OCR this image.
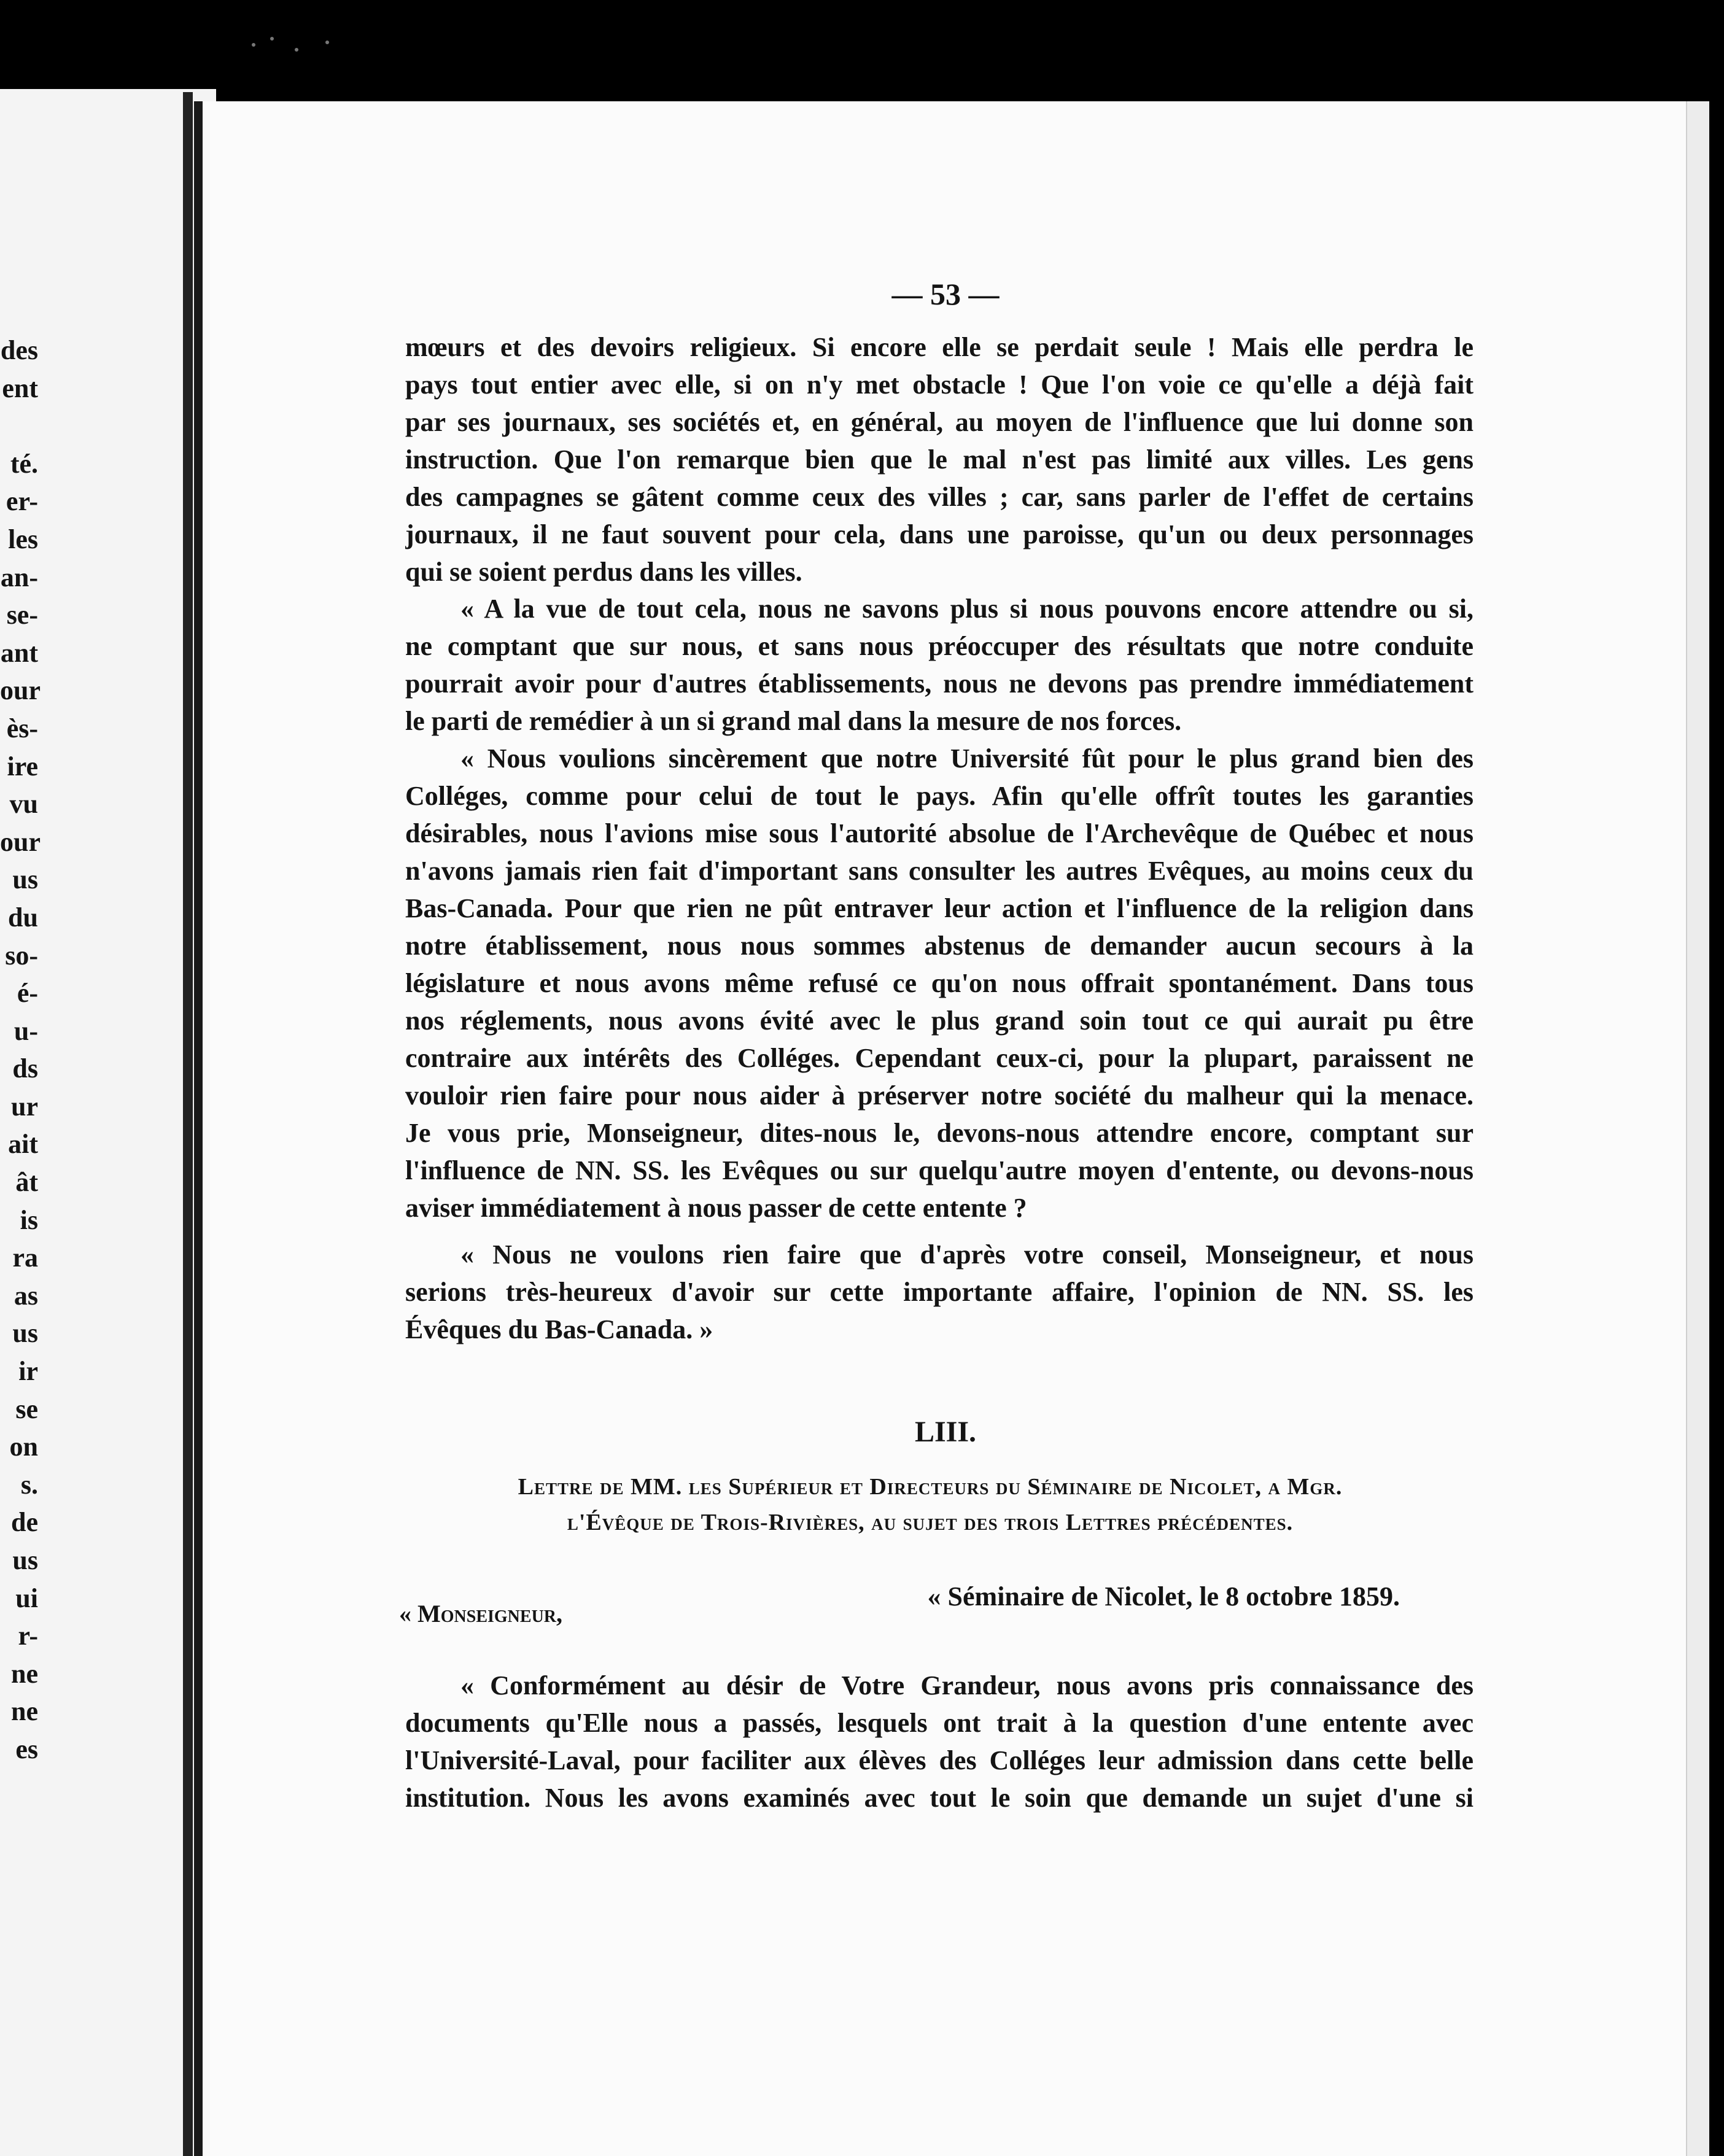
des
ent
té.
er-
les
an-
se-
ant
our
ès-
ire
vu
our
us
du
so-
é-
u-
ds
ur
ait
ât
is
ra
as
us
ir
se
on
s.
de
us
ui
r-
ne
ne
es
— 53 —
mœurs et des devoirs religieux. Si encore elle se perdait seule ! Mais elle perdra le
pays tout entier avec elle, si on n'y met obstacle ! Que l'on voie ce qu'elle a déjà fait
par ses journaux, ses sociétés et, en général, au moyen de l'influence que lui donne son
instruction. Que l'on remarque bien que le mal n'est pas limité aux villes. Les gens
des campagnes se gâtent comme ceux des villes ; car, sans parler de l'effet de certains
journaux, il ne faut souvent pour cela, dans une paroisse, qu'un ou deux personnages
qui se soient perdus dans les villes.
« A la vue de tout cela, nous ne savons plus si nous pouvons encore attendre ou si,
ne comptant que sur nous, et sans nous préoccuper des résultats que notre conduite
pourrait avoir pour d'autres établissements, nous ne devons pas prendre immédiatement
le parti de remédier à un si grand mal dans la mesure de nos forces.
« Nous voulions sincèrement que notre Université fût pour le plus grand bien des
Colléges, comme pour celui de tout le pays. Afin qu'elle offrît toutes les garanties
désirables, nous l'avions mise sous l'autorité absolue de l'Archevêque de Québec et nous
n'avons jamais rien fait d'important sans consulter les autres Evêques, au moins ceux du
Bas-Canada. Pour que rien ne pût entraver leur action et l'influence de la religion dans
notre établissement, nous nous sommes abstenus de demander aucun secours à la
législature et nous avons même refusé ce qu'on nous offrait spontanément. Dans tous
nos réglements, nous avons évité avec le plus grand soin tout ce qui aurait pu être
contraire aux intérêts des Colléges. Cependant ceux-ci, pour la plupart, paraissent ne
vouloir rien faire pour nous aider à préserver notre société du malheur qui la menace.
Je vous prie, Monseigneur, dites-nous le, devons-nous attendre encore, comptant sur
l'influence de NN. SS. les Evêques ou sur quelqu'autre moyen d'entente, ou devons-nous
aviser immédiatement à nous passer de cette entente ?
« Nous ne voulons rien faire que d'après votre conseil, Monseigneur, et nous
serions très-heureux d'avoir sur cette importante affaire, l'opinion de NN. SS. les
Évêques du Bas-Canada. »
LIII.
Lettre de MM. les Supérieur et Directeurs du Séminaire de Nicolet, a Mgr.
l'Évêque de Trois-Rivières, au sujet des trois Lettres précédentes.
« Séminaire de Nicolet, le 8 octobre 1859.
« Monseigneur,
« Conformément au désir de Votre Grandeur, nous avons pris connaissance des
documents qu'Elle nous a passés, lesquels ont trait à la question d'une entente avec
l'Université-Laval, pour faciliter aux élèves des Colléges leur admission dans cette belle
institution. Nous les avons examinés avec tout le soin que demande un sujet d'une si
